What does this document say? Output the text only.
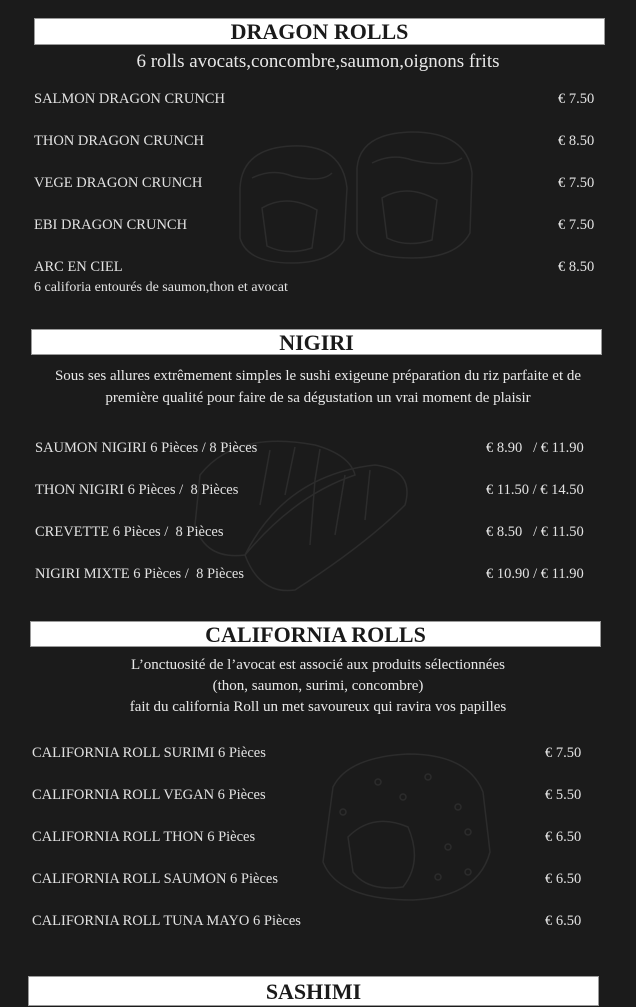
DRAGON ROLLS
6 rolls avocats,concombre,saumon,oignons frits
SALMON DRAGON CRUNCH	€ 7.50
THON DRAGON CRUNCH	€ 8.50
VEGE DRAGON CRUNCH	€ 7.50
EBI DRAGON CRUNCH	€ 7.50
ARC EN CIEL	€ 8.50
6 califoria entourés de saumon,thon et avocat
NIGIRI
Sous ses allures extrêmement simples le sushi exigeune préparation du riz parfaite et de
première qualité pour faire de sa dégustation un vrai moment de plaisir
SAUMON NIGIRI 6 Pièces / 8 Pièces	€ 8.90   / € 11.90
THON NIGIRI 6 Pièces /  8 Pièces	€ 11.50 / € 14.50
CREVETTE 6 Pièces /  8 Pièces	€ 8.50   / € 11.50
NIGIRI MIXTE 6 Pièces /  8 Pièces	€ 10.90 / € 11.90
CALIFORNIA ROLLS
L’onctuosité de l’avocat est associé aux produits sélectionnées
(thon, saumon, surimi, concombre)
fait du california Roll un met savoureux qui ravira vos papilles
CALIFORNIA ROLL SURIMI 6 Pièces	€ 7.50
CALIFORNIA ROLL VEGAN 6 Pièces	€ 5.50
CALIFORNIA ROLL THON 6 Pièces	€ 6.50
CALIFORNIA ROLL SAUMON 6 Pièces	€ 6.50
CALIFORNIA ROLL TUNA MAYO 6 Pièces	€ 6.50
SASHIMI
